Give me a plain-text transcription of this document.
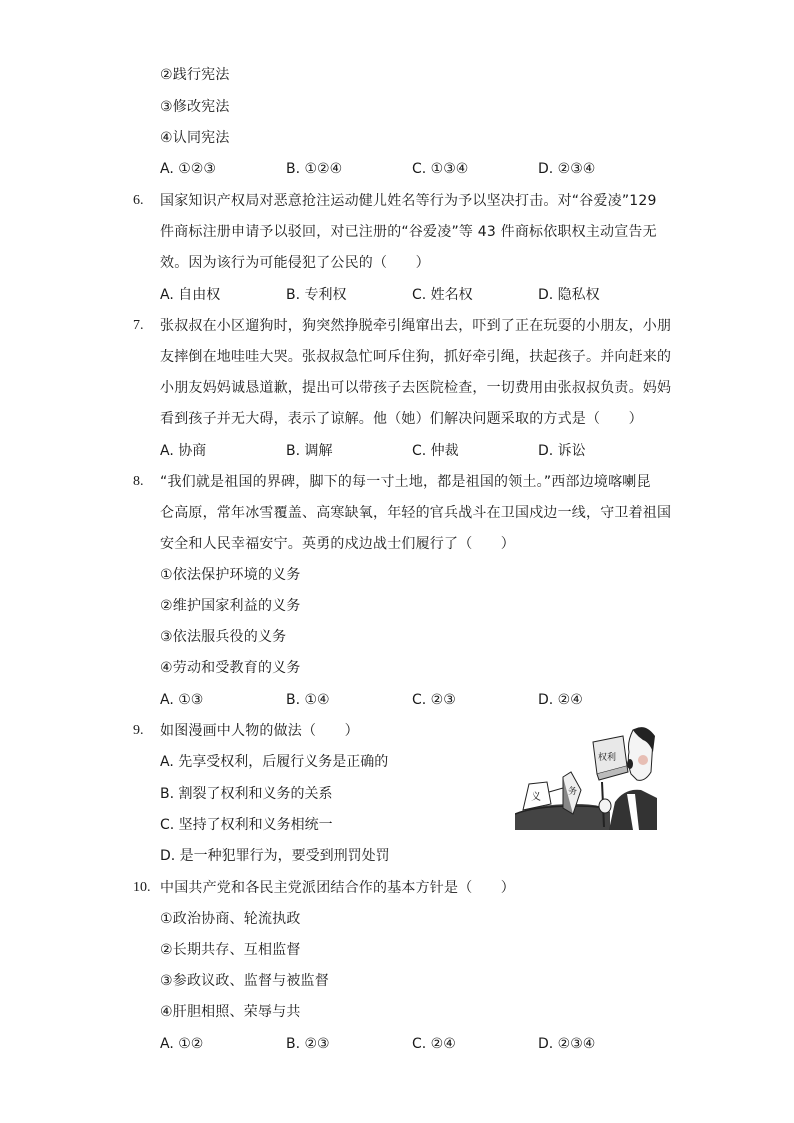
②践行宪法
③修改宪法
④认同宪法
A. ①②③	B. ①②④	C. ①③④	D. ②③④
6. 国家知识产权局对恶意抢注运动健儿姓名等行为予以坚决打击。对“谷爱凌”129
件商标注册申请予以驳回，对已注册的“谷爱凌”等 43 件商标依职权主动宣告无
效。因为该行为可能侵犯了公民的（　　）
A. 自由权	B. 专利权	C. 姓名权	D. 隐私权
7. 张叔叔在小区遛狗时，狗突然挣脱牵引绳窜出去，吓到了正在玩耍的小朋友，小朋
友摔倒在地哇哇大哭。张叔叔急忙呵斥住狗，抓好牵引绳，扶起孩子。并向赶来的
小朋友妈妈诚恳道歉，提出可以带孩子去医院检查，一切费用由张叔叔负责。妈妈
看到孩子并无大碍，表示了谅解。他（她）们解决问题采取的方式是（　　）
A. 协商	B. 调解	C. 仲裁	D. 诉讼
8. “我们就是祖国的界碑，脚下的每一寸土地，都是祖国的领土。”西部边境喀喇昆
仑高原，常年冰雪覆盖、高寒缺氧，年轻的官兵战斗在卫国戍边一线，守卫着祖国
安全和人民幸福安宁。英勇的戍边战士们履行了（　　）
①依法保护环境的义务
②维护国家利益的义务
③依法服兵役的义务
④劳动和受教育的义务
A. ①③	B. ①④	C. ②③	D. ②④
9. 如图漫画中人物的做法（　　）
A. 先享受权利，后履行义务是正确的
B. 割裂了权利和义务的关系
C. 坚持了权利和义务相统一
D. 是一种犯罪行为，要受到刑罚处罚
义	务
权利
10. 中国共产党和各民主党派团结合作的基本方针是（　　）
①政治协商、轮流执政
②长期共存、互相监督
③参政议政、监督与被监督
④肝胆相照、荣辱与共
A. ①②	B. ②③	C. ②④	D. ②③④
